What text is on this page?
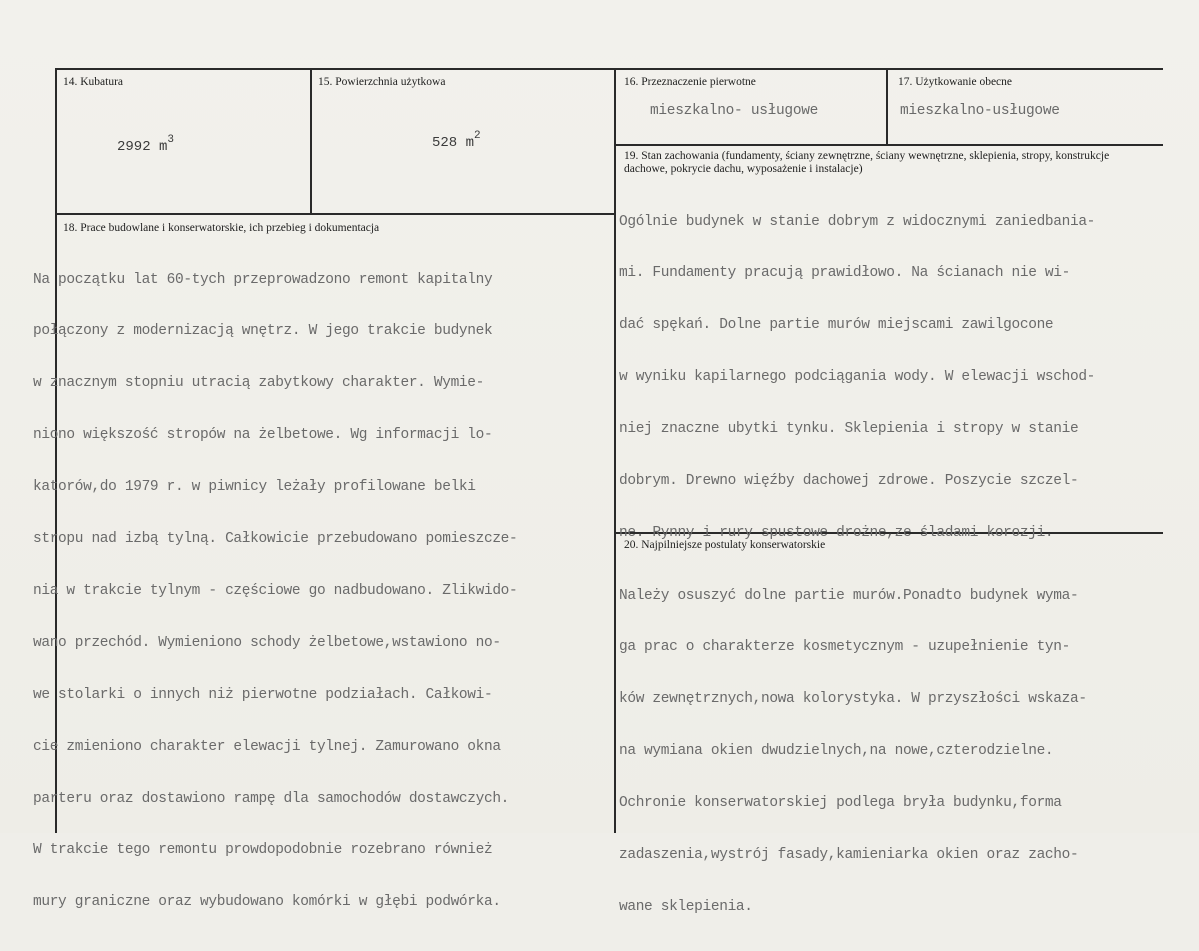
14. Kubatura
2992 $m^3$
15. Powierzchnia użytkowa
528 $m^2$
16. Przeznaczenie pierwotne
mieszkalno- usługowe
17. Użytkowanie obecne
mieszkalno-usługowe
19. Stan zachowania (fundamenty, ściany zewnętrzne, ściany wewnętrzne, sklepienia, stropy, konstrukcje dachowe, pokrycie dachu, wyposażenie i instalacje)

Ogólnie budynek w stanie dobrym z widocznymi zaniedbania-

mi. Fundamenty pracują prawidłowo. Na ścianach nie wi-

dać spękań. Dolne partie murów miejscami zawilgocone

w wyniku kapilarnego podciągania wody. W elewacji wschod-

niej znaczne ubytki tynku. Sklepienia i stropy w stanie

dobrym. Drewno więźby dachowej zdrowe. Poszycie szczel-

ne. Rynny i rury spustowe drożne,ze śladami korozji.

18. Prace budowlane i konserwatorskie, ich przebieg i dokumentacja

Na początku lat 60-tych przeprowadzono remont kapitalny

połączony z modernizacją wnętrz. W jego trakcie budynek

w znacznym stopniu utracią zabytkowy charakter. Wymie-

niono większość stropów na żelbetowe. Wg informacji lo-

katorów,do 1979 r. w piwnicy leżały profilowane belki

stropu nad izbą tylną. Całkowicie przebudowano pomieszcze-

nia w trakcie tylnym - częściowe go nadbudowano. Zlikwido-

wano przechód. Wymieniono schody żelbetowe,wstawiono no-

we stolarki o innych niż pierwotne podziałach. Całkowi-

cie zmieniono charakter elewacji tylnej. Zamurowano okna

parteru oraz dostawiono rampę dla samochodów dostawczych.

W trakcie tego remontu prowdopodobnie rozebrano również

mury graniczne oraz wybudowano komórki w głębi podwórka.

20. Najpilniejsze postulaty konserwatorskie

Należy osuszyć dolne partie murów.Ponadto budynek wyma-

ga prac o charakterze kosmetycznym - uzupełnienie tyn-

ków zewnętrznych,nowa kolorystyka. W przyszłości wskaza-

na wymiana okien dwudzielnych,na nowe,czterodzielne.

Ochronie konserwatorskiej podlega bryła budynku,forma

zadaszenia,wystrój fasady,kamieniarka okien oraz zacho-

wane sklepienia.
